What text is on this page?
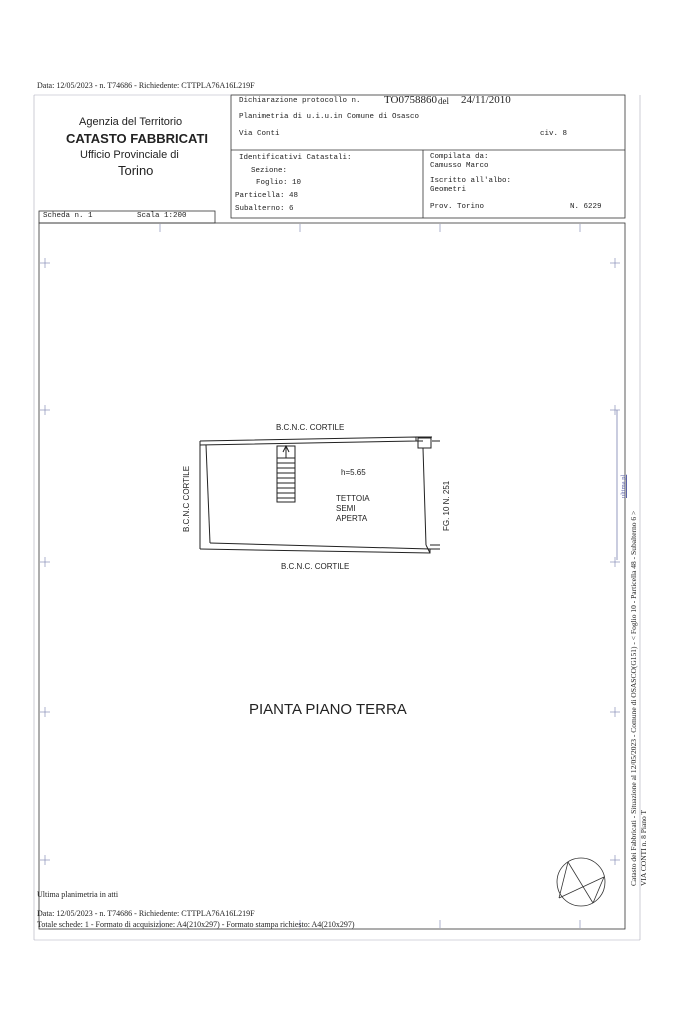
Data: 12/05/2023 - n. T74686 - Richiedente: CTTPLA76A16L219F
Agenzia del Territorio
CATASTO FABBRICATI
Ufficio Provinciale di
Torino
Dichiarazione protocollo n. TO0758860 del 24/11/2010
Planimetria di u.i.u.in Comune di Osasco
Via Conti	civ. 8
Identificativi Catastali:
Sezione:
Foglio: 10
Particella: 48
Subalterno: 6
Compilata da:
Camusso Marco
Iscritto all'albo:
Geometri
Prov. Torino	N. 6229
Scheda n. 1	Scala 1:200
B.C.N.C. CORTILE
B.C.N.C. CORTILE
B.C.N.C CORTILE	FG. 10 N. 251
h=5.65
TETTOIA
SEMI
APERTA
PIANTA PIANO TERRA
ultima pl
Catasto dei Fabbricati - Situazione al 12/05/2023 - Comune di OSASCO(G151) - < Foglio 10 - Particella 48 - Subalterno 6 > VIA CONTI n. 8 Piano T
Ultima planimetria in atti
Data: 12/05/2023 - n. T74686 - Richiedente: CTTPLA76A16L219F
Totale schede: 1 - Formato di acquisizione: A4(210x297) - Formato stampa richiesto: A4(210x297)
